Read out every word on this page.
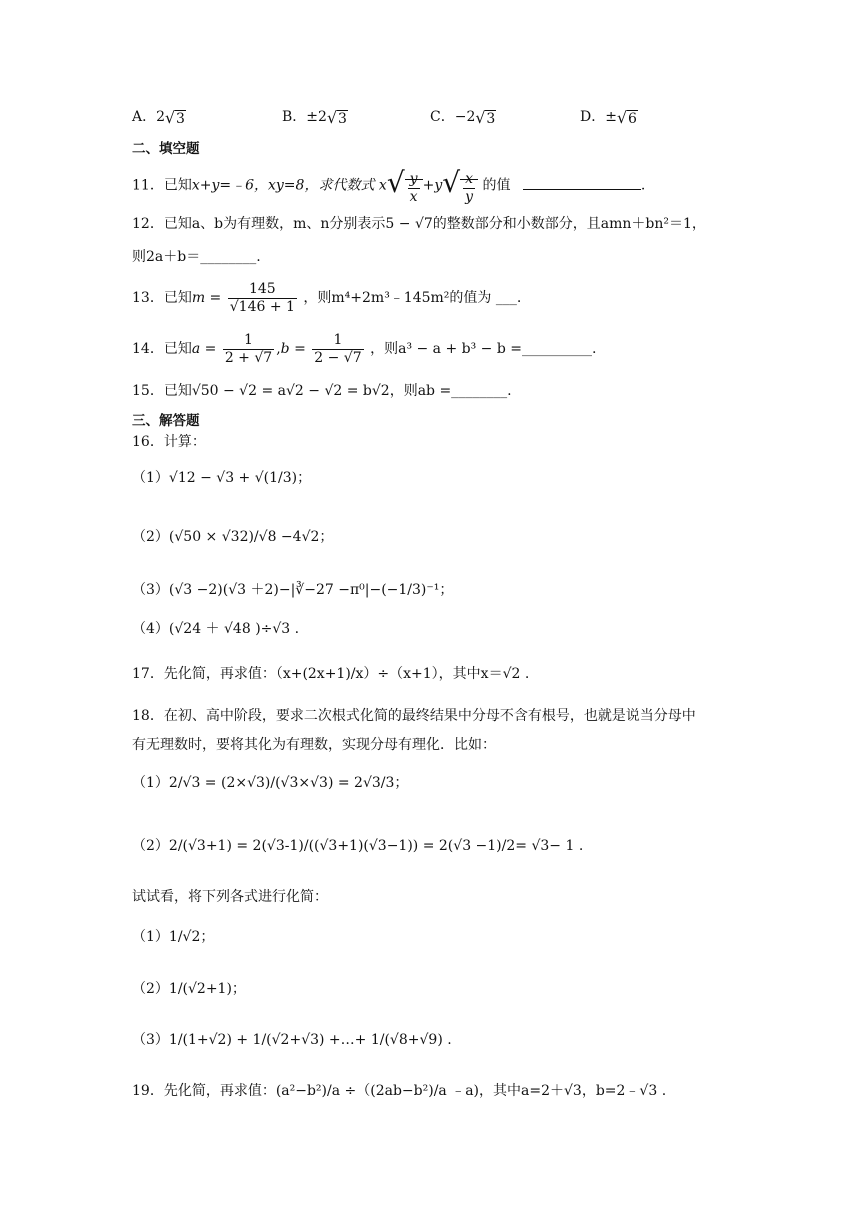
A．2√3	B．±2√3	C．−2√3	D．±√6
二、填空题
11．已知x+y=﹣6，xy=8，求代数式 $x√ \frac{y}{x} +y√ \frac{x}{y}$ 的值	.
12．已知a、b为有理数，m、n分别表示5 − √7的整数部分和小数部分，且amn＋bn²＝1，
则2a＋b＝________.
13．已知$m = \frac{145}{√146 + 1}$ ，则m⁴+2m³﹣145m²的值为 ___.
14．已知$a = \frac{1}{2 + √7} ,b = \frac{1}{2 - √7}$ ，则a³ − a + b³ − b =__________.
15．已知√50 − √2 = a√2 − √2 = b√2，则ab =________.
三、解答题
16．计算：
（1）√12 − √3 + √(1/3)；
（2）(√50 × √32)/√8 −4√2；
（3）(√3 −2)(√3 ＋2)−|∛−27 −π⁰|−(−1/3)⁻¹；
（4）(√24 ＋ √48 )÷√3 .
17．先化简，再求值：（x+(2x+1)/x）÷（x+1），其中x＝√2 .
18．在初、高中阶段，要求二次根式化简的最终结果中分母不含有根号，也就是说当分母中
有无理数时，要将其化为有理数，实现分母有理化．比如：
（1）2/√3 = (2×√3)/(√3×√3) = 2√3/3；
（2）2/(√3+1) = 2(√3-1)/((√3+1)(√3−1)) = 2(√3 −1)/2= √3− 1 .
试试看，将下列各式进行化简：
（1）1/√2；
（2）1/(√2+1)；
（3）1/(1+√2) + 1/(√2+√3) +…+ 1/(√8+√9) .
19．先化简，再求值：(a²−b²)/a ÷（(2ab−b²)/a ﹣a)，其中a=2＋√3，b=2﹣√3 .
